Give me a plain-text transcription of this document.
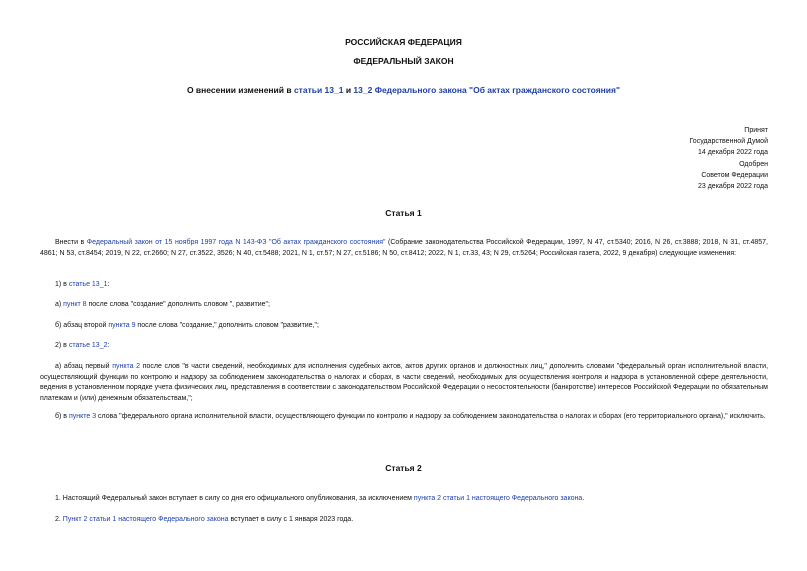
РОССИЙСКАЯ ФЕДЕРАЦИЯ
ФЕДЕРАЛЬНЫЙ ЗАКОН
О внесении изменений в статьи 13_1 и 13_2 Федерального закона "Об актах гражданского состояния"
Принят
Государственной Думой
14 декабря 2022 года
Одобрен
Советом Федерации
23 декабря 2022 года
Статья 1
Внести в Федеральный закон от 15 ноября 1997 года N 143-ФЗ "Об актах гражданского состояния" (Собрание законодательства Российской Федерации, 1997, N 47, ст.5340; 2016, N 26, ст.3888; 2018, N 31, ст.4857, 4861; N 53, ст.8454; 2019, N 22, ст.2660; N 27, ст.3522, 3526; N 40, ст.5488; 2021, N 1, ст.57; N 27, ст.5186; N 50, ст.8412; 2022, N 1, ст.33, 43; N 29, ст.5264; Российская газета, 2022, 9 декабря) следующие изменения:
1) в статье 13_1:
а) пункт 8 после слова "создание" дополнить словом ", развитие";
б) абзац второй пункта 9 после слова "создание," дополнить словом "развитие,";
2) в статье 13_2:
а) абзац первый пункта 2 после слов "в части сведений, необходимых для исполнения судебных актов, актов других органов и должностных лиц," дополнить словами "федеральный орган исполнительной власти, осуществляющий функции по контролю и надзору за соблюдением законодательства о налогах и сборах, в части сведений, необходимых для осуществления контроля и надзора в установленной сфере деятельности, ведения в установленном порядке учета физических лиц, представления в соответствии с законодательством Российской Федерации о несостоятельности (банкротстве) интересов Российской Федерации по обязательным платежам и (или) денежным обязательствам,";
б) в пункте 3 слова "федерального органа исполнительной власти, осуществляющего функции по контролю и надзору за соблюдением законодательства о налогах и сборах (его территориального органа)," исключить.
Статья 2
1. Настоящий Федеральный закон вступает в силу со дня его официального опубликования, за исключением пункта 2 статьи 1 настоящего Федерального закона.
2. Пункт 2 статьи 1 настоящего Федерального закона вступает в силу с 1 января 2023 года.
